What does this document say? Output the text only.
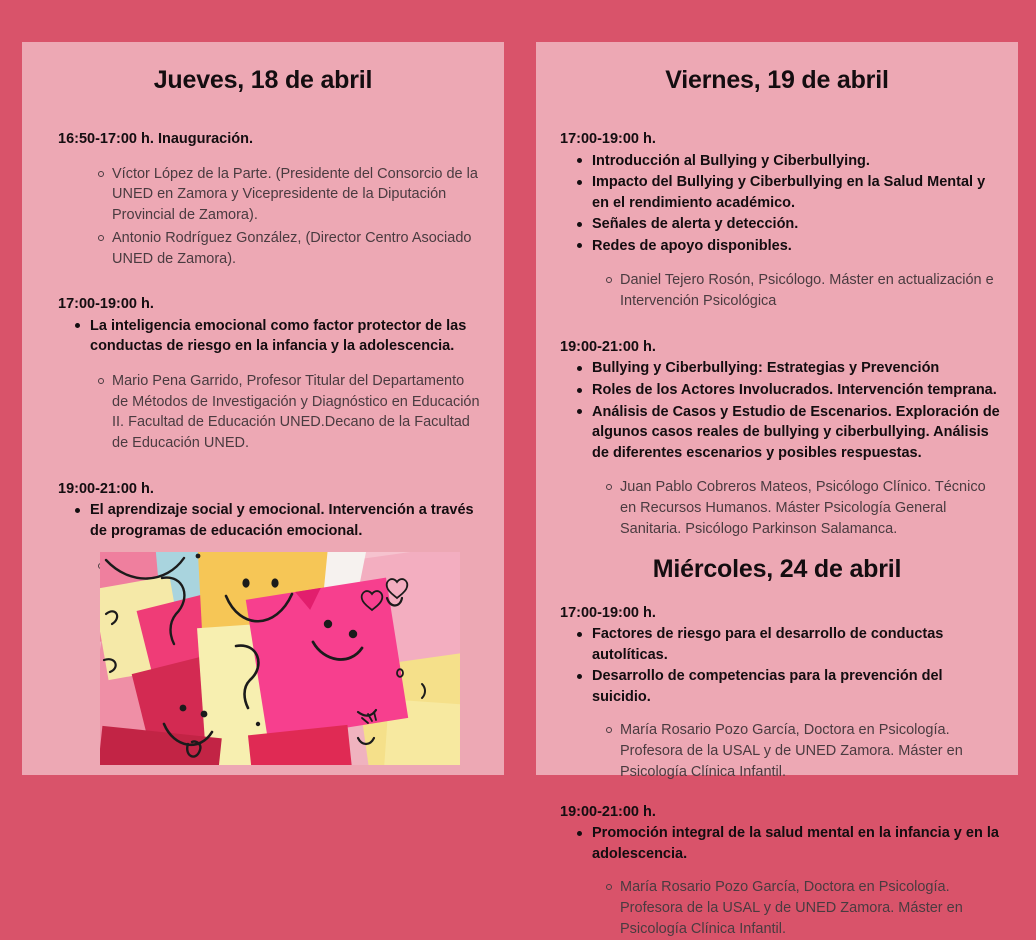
Jueves, 18 de abril
16:50-17:00 h. Inauguración.
Víctor López de la Parte. (Presidente del Consorcio de la UNED en Zamora y Vicepresidente de la Diputación Provincial de Zamora).
Antonio Rodríguez González, (Director Centro Asociado UNED de Zamora).
17:00-19:00 h.
La inteligencia emocional como factor protector de las conductas de riesgo en la infancia y la adolescencia.
Mario Pena Garrido, Profesor Titular del Departamento de Métodos de Investigación y Diagnóstico en Educación II. Facultad de Educación UNED.Decano de la Facultad de Educación UNED.
19:00-21:00 h.
El aprendizaje social y emocional. Intervención a través de programas de educación emocional.
Viernes, 19 de abril
17:00-19:00 h.
Introducción al Bullying y Ciberbullying.
Impacto del Bullying y Ciberbullying en la Salud Mental y en el rendimiento académico.
Señales de alerta y detección.
Redes de apoyo disponibles.
Daniel Tejero Rosón, Psicólogo. Máster en actualización e Intervención Psicológica
19:00-21:00 h.
Bullying y Ciberbullying: Estrategias y Prevención
Roles de los Actores Involucrados. Intervención temprana.
Análisis de Casos y Estudio de Escenarios. Exploración de algunos casos reales de bullying y ciberbullying. Análisis de diferentes escenarios y posibles respuestas.
Juan Pablo Cobreros Mateos, Psicólogo Clínico. Técnico en Recursos Humanos. Máster Psicología General Sanitaria. Psicólogo Parkinson Salamanca.
Miércoles, 24 de abril
17:00-19:00 h.
Factores de riesgo para el desarrollo de conductas autolíticas.
Desarrollo de competencias para la prevención del suicidio.
María Rosario Pozo García, Doctora en Psicología. Profesora de la USAL y de UNED Zamora. Máster en Psicología Clínica Infantil.
19:00-21:00 h.
Promoción integral de la salud mental en la infancia y en la adolescencia.
María Rosario Pozo García, Doctora en Psicología. Profesora de la USAL y de UNED Zamora. Máster en Psicología Clínica Infantil.
